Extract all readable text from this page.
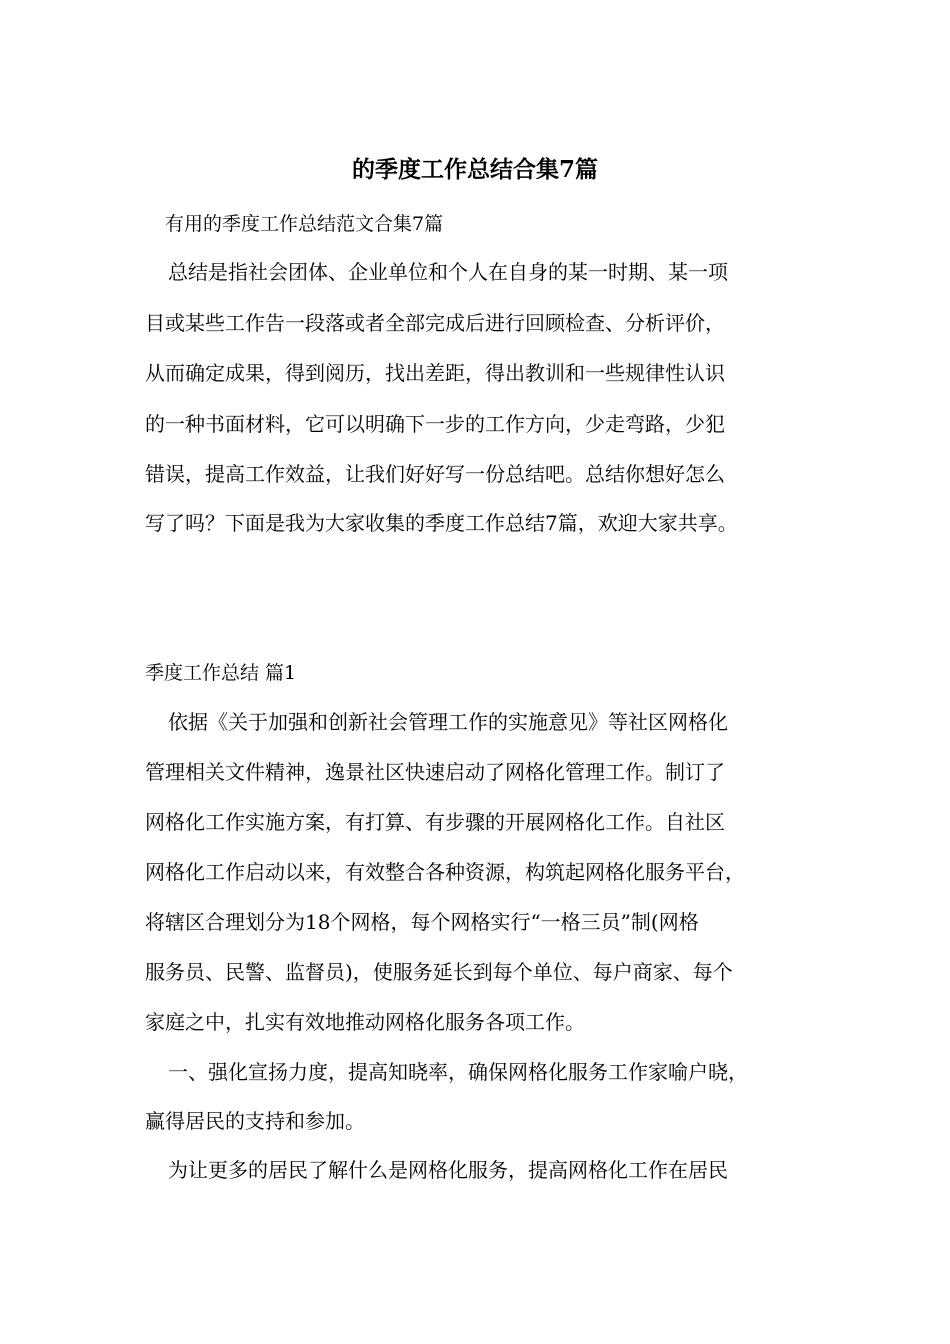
的季度工作总结合集7篇
有用的季度工作总结范文合集7篇
总结是指社会团体、企业单位和个人在自身的某一时期、某一项
目或某些工作告一段落或者全部完成后进行回顾检查、分析评价，
从而确定成果，得到阅历，找出差距，得出教训和一些规律性认识
的一种书面材料，它可以明确下一步的工作方向，少走弯路，少犯
错误，提高工作效益，让我们好好写一份总结吧。总结你想好怎么
写了吗？下面是我为大家收集的季度工作总结7篇，欢迎大家共享。
季度工作总结 篇1
依据《关于加强和创新社会管理工作的实施意见》等社区网格化
管理相关文件精神，逸景社区快速启动了网格化管理工作。制订了
网格化工作实施方案，有打算、有步骤的开展网格化工作。自社区
网格化工作启动以来，有效整合各种资源，构筑起网格化服务平台，
将辖区合理划分为18个网格，每个网格实行“一格三员”制(网格
服务员、民警、监督员)，使服务延长到每个单位、每户商家、每个
家庭之中，扎实有效地推动网格化服务各项工作。
一、强化宣扬力度，提高知晓率，确保网格化服务工作家喻户晓，
赢得居民的支持和参加。
为让更多的居民了解什么是网格化服务，提高网格化工作在居民
